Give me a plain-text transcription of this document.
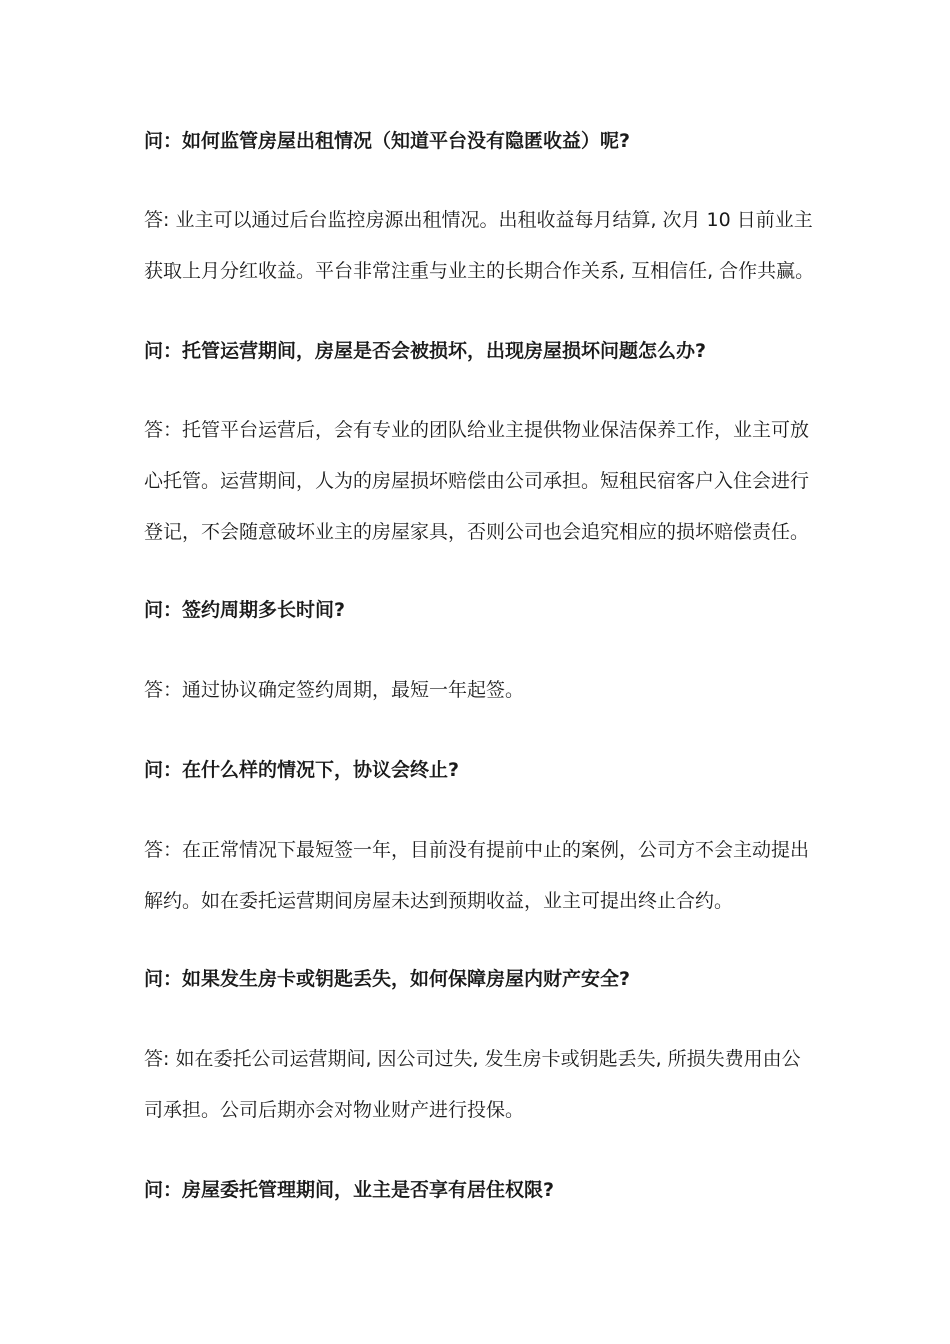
问：如何监管房屋出租情况（知道平台没有隐匿收益）呢?

答: 业主可以通过后台监控房源出租情况。出租收益每月结算, 次月 10 日前业主
获取上月分红收益。平台非常注重与业主的长期合作关系, 互相信任, 合作共赢。

问：托管运营期间，房屋是否会被损坏，出现房屋损坏问题怎么办?

答：托管平台运营后，会有专业的团队给业主提供物业保洁保养工作，业主可放
心托管。运营期间，人为的房屋损坏赔偿由公司承担。短租民宿客户入住会进行
登记，不会随意破坏业主的房屋家具，否则公司也会追究相应的损坏赔偿责任。

问：签约周期多长时间?

答：通过协议确定签约周期，最短一年起签。

问：在什么样的情况下，协议会终止?

答：在正常情况下最短签一年，目前没有提前中止的案例，公司方不会主动提出
解约。如在委托运营期间房屋未达到预期收益，业主可提出终止合约。

问：如果发生房卡或钥匙丢失，如何保障房屋内财产安全?

答: 如在委托公司运营期间, 因公司过失, 发生房卡或钥匙丢失, 所损失费用由公
司承担。公司后期亦会对物业财产进行投保。

问：房屋委托管理期间，业主是否享有居住权限?
